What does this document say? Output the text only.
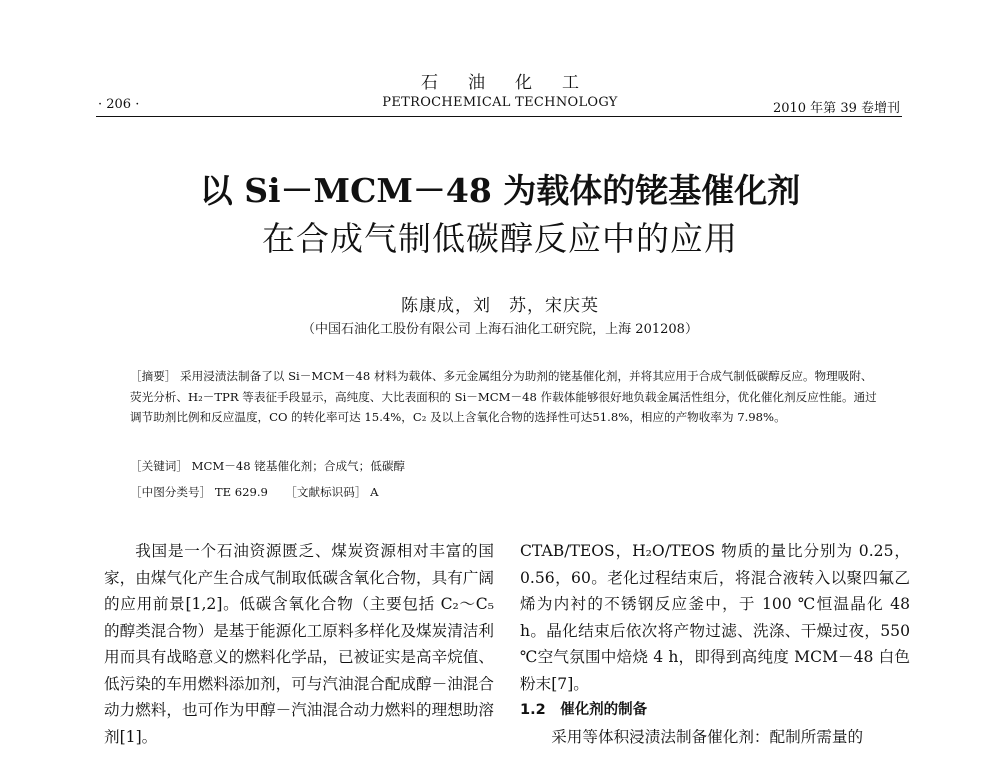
石油化工
· 206 ·	PETROCHEMICAL TECHNOLOGY	2010 年第 39 卷增刊
以 Si－MCM－48 为载体的铑基催化剂
在合成气制低碳醇反应中的应用
陈康成，刘　苏，宋庆英
（中国石油化工股份有限公司 上海石油化工研究院，上海 201208）

［摘要］ 采用浸渍法制备了以 Si－MCM－48 材料为载体、多元金属组分为助剂的铑基催化剂，并将其应用于合成气制低碳醇反应。物理吸附、荧光分析、H₂－TPR 等表征手段显示，高纯度、大比表面积的 Si－MCM－48 作载体能够很好地负载金属活性组分，优化催化剂反应性能。通过调节助剂比例和反应温度，CO 的转化率可达 15.4%，C₂ 及以上含氧化合物的选择性可达51.8%，相应的产物收率为 7.98%。

［关键词］ MCM－48 铑基催化剂；合成气；低碳醇
［中图分类号］ TE 629.9　　［文献标识码］ A

我国是一个石油资源匮乏、煤炭资源相对丰富的国家，由煤气化产生合成气制取低碳含氧化合物，具有广阔的应用前景[1,2]。低碳含氧化合物（主要包括 C₂～C₅ 的醇类混合物）是基于能源化工原料多样化及煤炭清洁利用而具有战略意义的燃料化学品，已被证实是高辛烷值、低污染的车用燃料添加剂，可与汽油混合配成醇－油混合动力燃料，也可作为甲醇－汽油混合动力燃料的理想助溶剂[1]。

CTAB/TEOS，H₂O/TEOS 物质的量比分别为 0.25，0.56，60。老化过程结束后，将混合液转入以聚四氟乙烯为内衬的不锈钢反应釜中，于 100 ℃恒温晶化 48 h。晶化结束后依次将产物过滤、洗涤、干燥过夜，550 ℃空气氛围中焙烧 4 h，即得到高纯度 MCM－48 白色粉末[7]。

1.2　催化剂的制备

采用等体积浸渍法制备催化剂：配制所需量的
